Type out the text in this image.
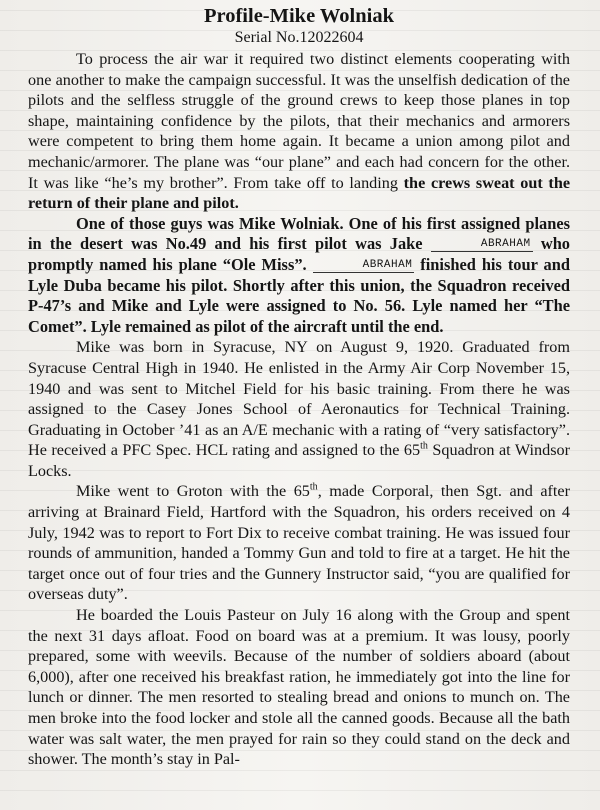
Profile-Mike Wolniak
Serial No.12022604

To process the air war it required two distinct elements cooperating with one another to make the campaign successful. It was the unselfish dedication of the pilots and the selfless struggle of the ground crews to keep those planes in top shape, maintaining confidence by the pilots, that their mechanics and armorers were competent to bring them home again. It became a union among pilot and mechanic/armorer. The plane was “our plane” and each had concern for the other. It was like “he’s my brother”. From take off to landing the crews sweat out the return of their plane and pilot.

One of those guys was Mike Wolniak. One of his first assigned planes in the desert was No.49 and his first pilot was Jake	ABRAHAM who promptly named his plane “Ole Miss”.	ABRAHAM finished his tour and Lyle Duba became his pilot. Shortly after this union, the Squadron received P-47’s and Mike and Lyle were assigned to No. 56. Lyle named her “The Comet”. Lyle remained as pilot of the aircraft until the end.

Mike was born in Syracuse, NY on August 9, 1920. Graduated from Syracuse Central High in 1940. He enlisted in the Army Air Corp November 15, 1940 and was sent to Mitchel Field for his basic training. From there he was assigned to the Casey Jones School of Aeronautics for Technical Training. Graduating in October ’41 as an A/E mechanic with a rating of “very satisfactory”. He received a PFC Spec. HCL rating and assigned to the 65th Squadron at Windsor Locks.

Mike went to Groton with the 65th, made Corporal, then Sgt. and after arriving at Brainard Field, Hartford with the Squadron, his orders received on 4 July, 1942 was to report to Fort Dix to receive combat training. He was issued four rounds of ammunition, handed a Tommy Gun and told to fire at a target. He hit the target once out of four tries and the Gunnery Instructor said, “you are qualified for overseas duty”.

He boarded the Louis Pasteur on July 16 along with the Group and spent the next 31 days afloat. Food on board was at a premium. It was lousy, poorly prepared, some with weevils. Because of the number of soldiers aboard (about 6,000), after one received his breakfast ration, he immediately got into the line for lunch or dinner. The men resorted to stealing bread and onions to munch on. The men broke into the food locker and stole all the canned goods. Because all the bath water was salt water, the men prayed for rain so they could stand on the deck and shower. The month’s stay in Pal-
